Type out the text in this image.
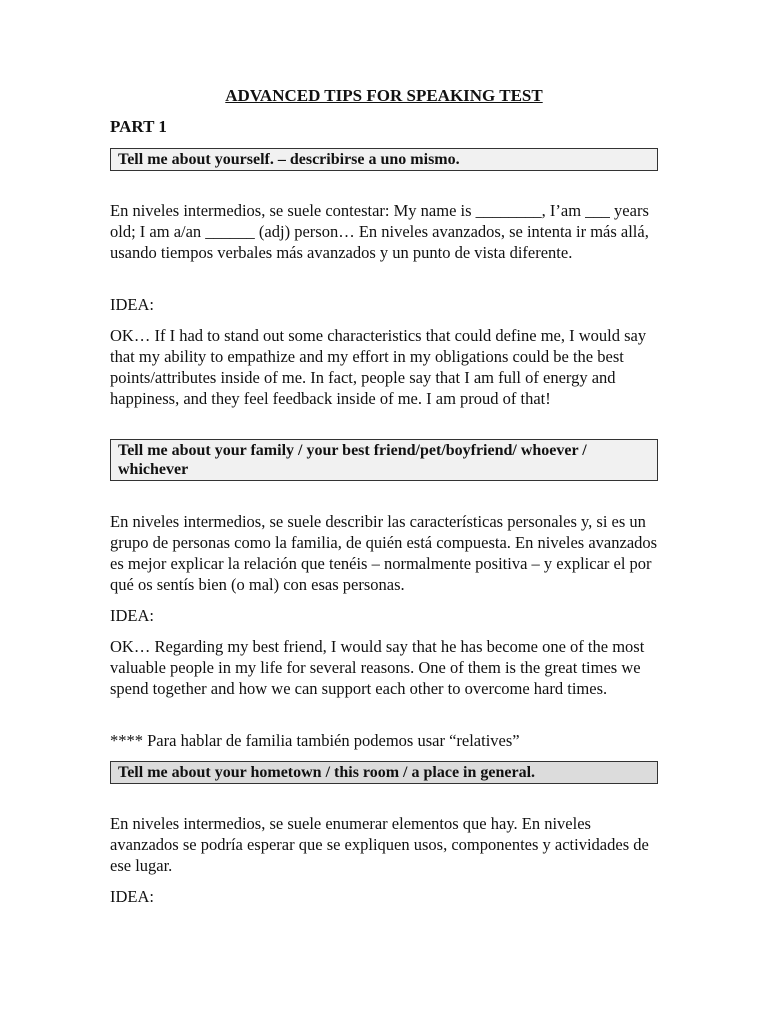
ADVANCED TIPS FOR SPEAKING TEST
PART 1
Tell me about yourself. – describirse a uno mismo.

En niveles intermedios, se suele contestar: My name is ________, I’am ___ years old; I am a/an ______ (adj) person… En niveles avanzados, se intenta ir más allá, usando tiempos verbales más avanzados y un punto de vista diferente.

IDEA:

OK… If I had to stand out some characteristics that could define me, I would say that my ability to empathize and my effort in my obligations could be the best points/attributes inside of me. In fact, people say that I am full of energy and happiness, and they feel feedback inside of me. I am proud of that!

Tell me about your family / your best friend/pet/boyfriend/ whoever / whichever

En niveles intermedios, se suele describir las características personales y, si es un grupo de personas como la familia, de quién está compuesta. En niveles avanzados es mejor explicar la relación que tenéis – normalmente positiva – y explicar el por qué os sentís bien (o mal) con esas personas.

IDEA:

OK… Regarding my best friend, I would say that he has become one of the most valuable people in my life for several reasons. One of them is the great times we spend together and how we can support each other to overcome hard times.

**** Para hablar de familia también podemos usar “relatives”
Tell me about your hometown / this room / a place in general.

En niveles intermedios, se suele enumerar elementos que hay. En niveles avanzados se podría esperar que se expliquen usos, componentes y actividades de ese lugar.

IDEA:
